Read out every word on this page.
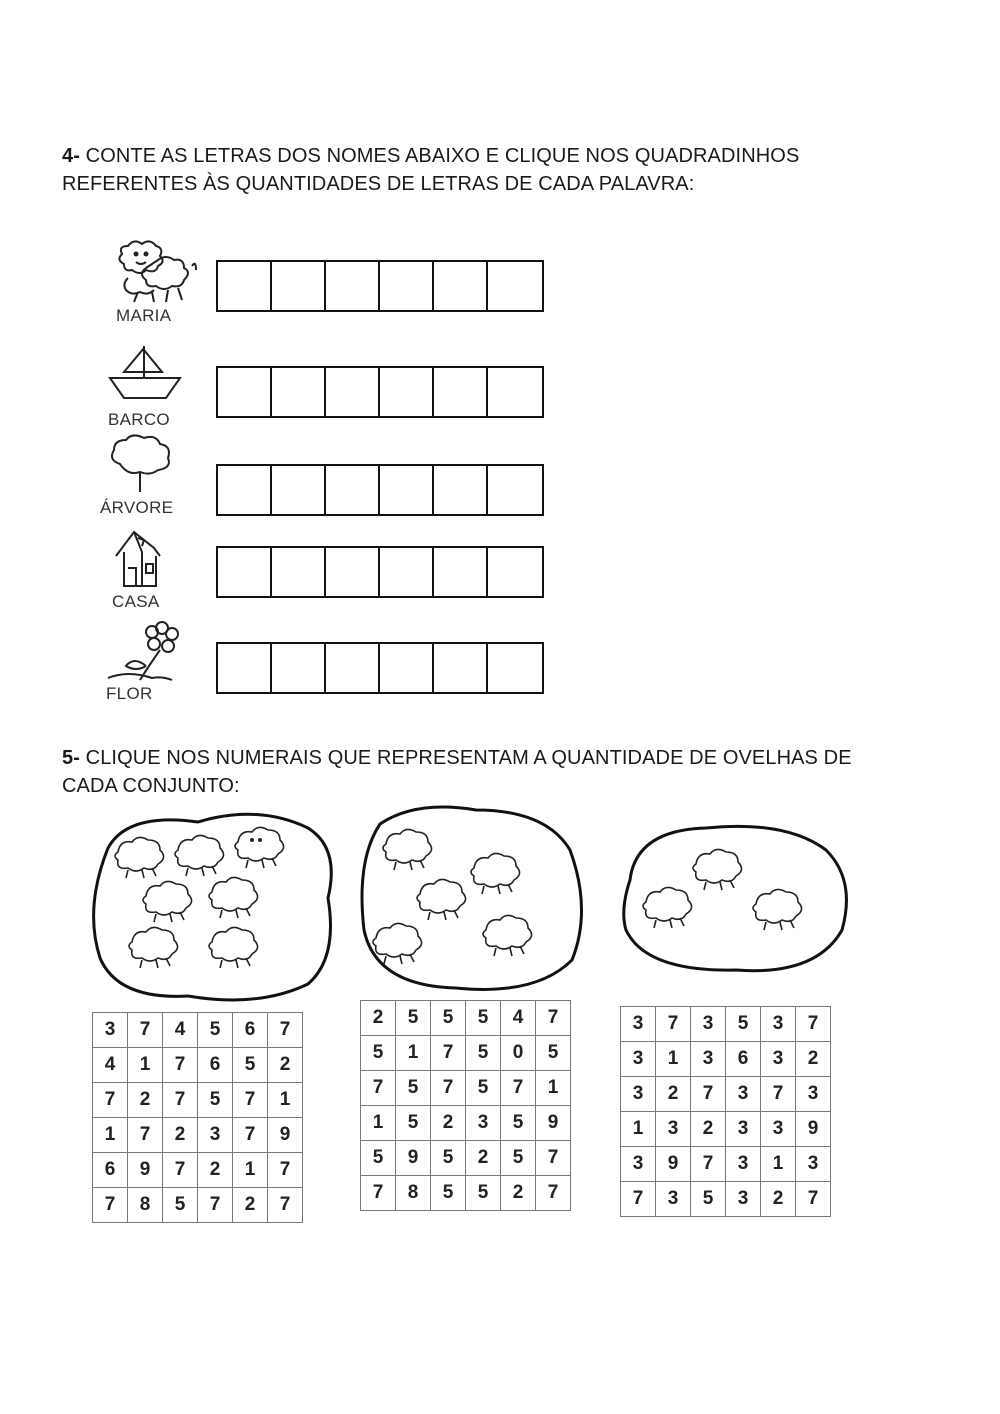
4- CONTE AS LETRAS DOS NOMES ABAIXO E CLIQUE NOS QUADRADINHOS REFERENTES ÀS QUANTIDADES DE LETRAS DE CADA PALAVRA:

MARIA
BARCO
ÁRVORE
CASA
FLOR

5- CLIQUE NOS NUMERAIS QUE REPRESENTAM A QUANTIDADE DE OVELHAS DE CADA CONJUNTO:

3	7	4	5	6	7
4	1	7	6	5	2
7	2	7	5	7	1
1	7	2	3	7	9
6	9	7	2	1	7
7	8	5	7	2	7
2	5	5	5	4	7
5	1	7	5	0	5
7	5	7	5	7	1
1	5	2	3	5	9
5	9	5	2	5	7
7	8	5	5	2	7
3	7	3	5	3	7
3	1	3	6	3	2
3	2	7	3	7	3
1	3	2	3	3	9
3	9	7	3	1	3
7	3	5	3	2	7
